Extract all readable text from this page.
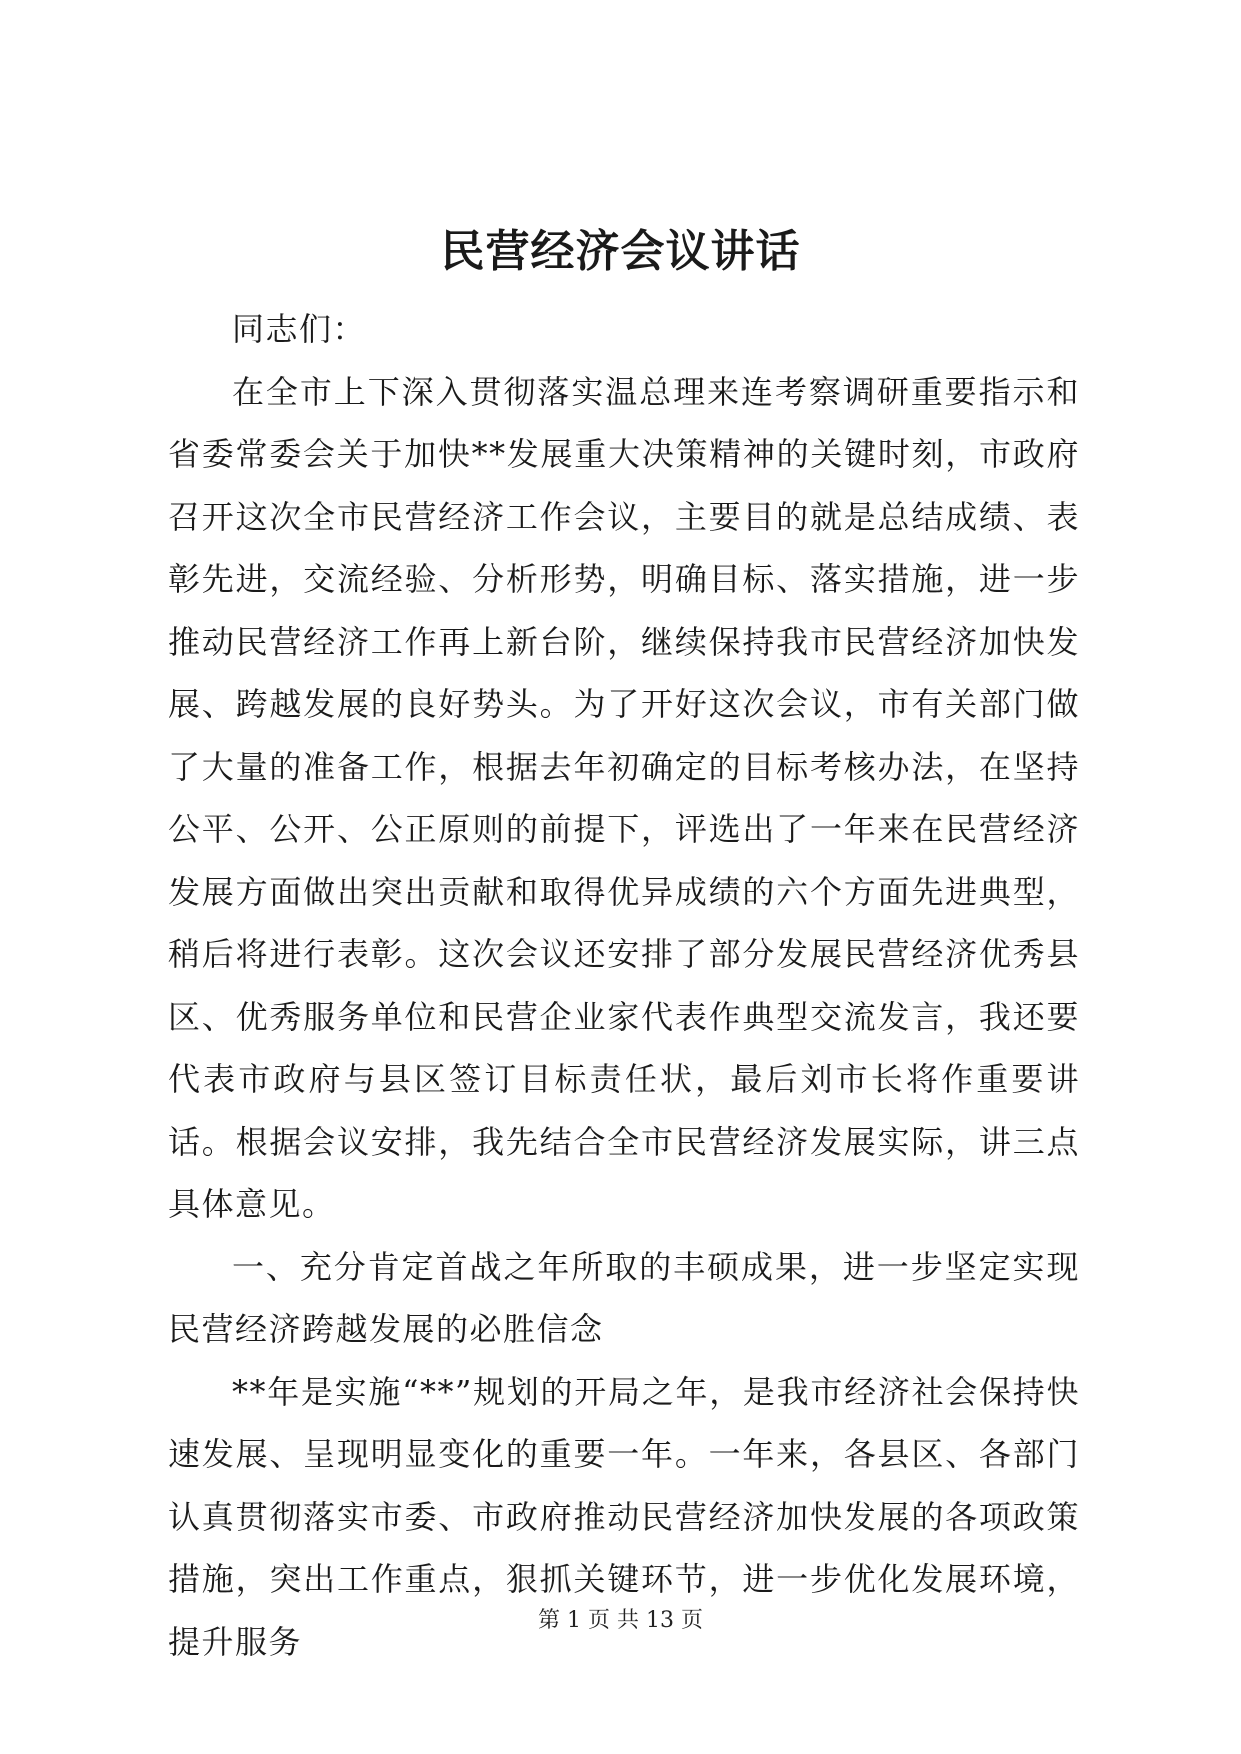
民营经济会议讲话

同志们：

在全市上下深入贯彻落实温总理来连考察调研重要指示和省委常委会关于加快**发展重大决策精神的关键时刻，市政府召开这次全市民营经济工作会议，主要目的就是总结成绩、表彰先进，交流经验、分析形势，明确目标、落实措施，进一步推动民营经济工作再上新台阶，继续保持我市民营经济加快发展、跨越发展的良好势头。为了开好这次会议，市有关部门做了大量的准备工作，根据去年初确定的目标考核办法，在坚持公平、公开、公正原则的前提下，评选出了一年来在民营经济发展方面做出突出贡献和取得优异成绩的六个方面先进典型，稍后将进行表彰。这次会议还安排了部分发展民营经济优秀县区、优秀服务单位和民营企业家代表作典型交流发言，我还要代表市政府与县区签订目标责任状，最后刘市长将作重要讲话。根据会议安排，我先结合全市民营经济发展实际，讲三点具体意见。

一、充分肯定首战之年所取的丰硕成果，进一步坚定实现民营经济跨越发展的必胜信念

**年是实施“**”规划的开局之年，是我市经济社会保持快速发展、呈现明显变化的重要一年。一年来，各县区、各部门认真贯彻落实市委、市政府推动民营经济加快发展的各项政策措施，突出工作重点，狠抓关键环节，进一步优化发展环境，提升服务

第 1 页 共 13 页
